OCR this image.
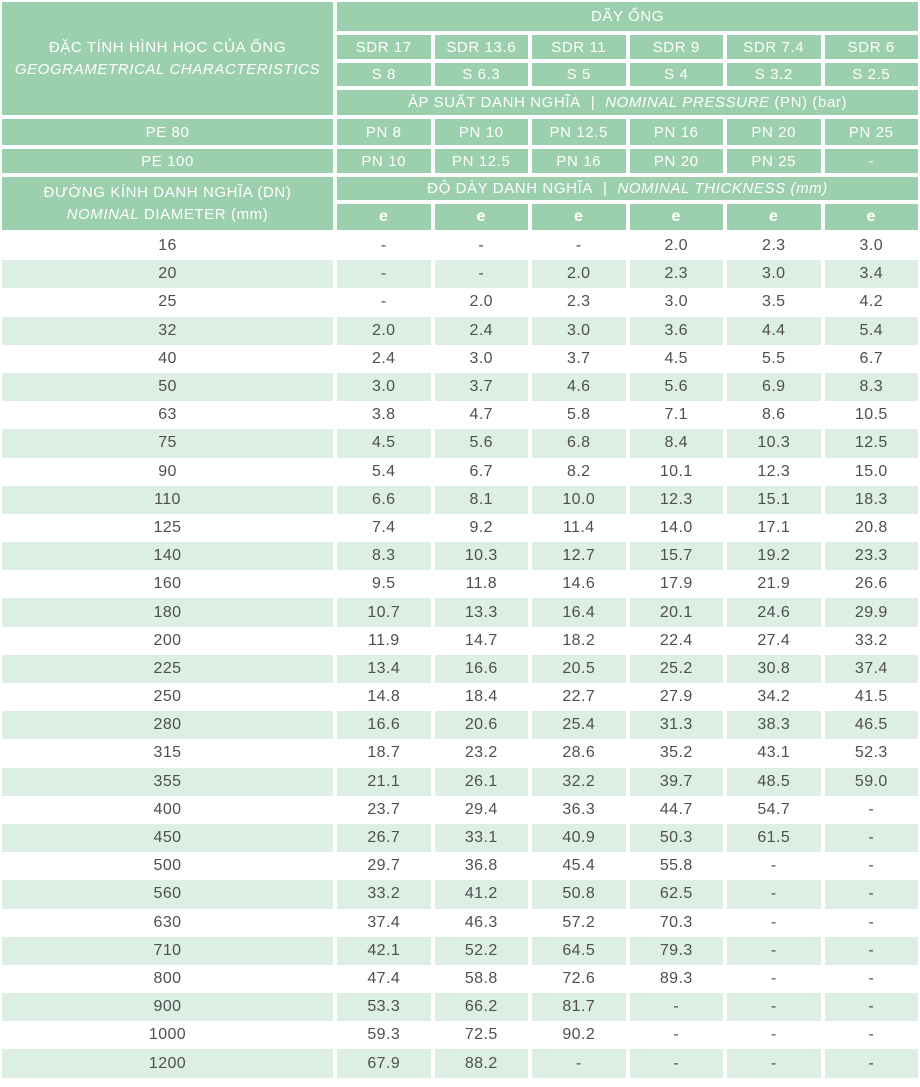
ĐẶC TÍNH HÌNH HỌC CỦA ỐNG
GEOGRAMETRICAL CHARACTERISTICS	DÃY ỐNG					
	SDR 17	SDR 13.6	SDR 11	SDR 9	SDR 7.4	SDR 6
	S 8	S 6.3	S 5	S 4	S 3.2	S 2.5
	ÁP SUẤT DANH NGHĨA | NOMINAL PRESSURE (PN) (bar)					
PE 80	PN 8	PN 10	PN 12.5	PN 16	PN 20	PN 25
PE 100	PN 10	PN 12.5	PN 16	PN 20	PN 25	-
ĐƯỜNG KÍNH DANH NGHĨA (DN)
NOMINAL DIAMETER (mm)	ĐỘ DÀY DANH NGHĨA | NOMINAL THICKNESS (mm)					
	e	e	e	e	e	e
16	-	-	-	2.0	2.3	3.0
20	-	-	2.0	2.3	3.0	3.4
25	-	2.0	2.3	3.0	3.5	4.2
32	2.0	2.4	3.0	3.6	4.4	5.4
40	2.4	3.0	3.7	4.5	5.5	6.7
50	3.0	3.7	4.6	5.6	6.9	8.3
63	3.8	4.7	5.8	7.1	8.6	10.5
75	4.5	5.6	6.8	8.4	10.3	12.5
90	5.4	6.7	8.2	10.1	12.3	15.0
110	6.6	8.1	10.0	12.3	15.1	18.3
125	7.4	9.2	11.4	14.0	17.1	20.8
140	8.3	10.3	12.7	15.7	19.2	23.3
160	9.5	11.8	14.6	17.9	21.9	26.6
180	10.7	13.3	16.4	20.1	24.6	29.9
200	11.9	14.7	18.2	22.4	27.4	33.2
225	13.4	16.6	20.5	25.2	30.8	37.4
250	14.8	18.4	22.7	27.9	34.2	41.5
280	16.6	20.6	25.4	31.3	38.3	46.5
315	18.7	23.2	28.6	35.2	43.1	52.3
355	21.1	26.1	32.2	39.7	48.5	59.0
400	23.7	29.4	36.3	44.7	54.7	-
450	26.7	33.1	40.9	50.3	61.5	-
500	29.7	36.8	45.4	55.8	-	-
560	33.2	41.2	50.8	62.5	-	-
630	37.4	46.3	57.2	70.3	-	-
710	42.1	52.2	64.5	79.3	-	-
800	47.4	58.8	72.6	89.3	-	-
900	53.3	66.2	81.7	-	-	-
1000	59.3	72.5	90.2	-	-	-
1200	67.9	88.2	-	-	-	-
